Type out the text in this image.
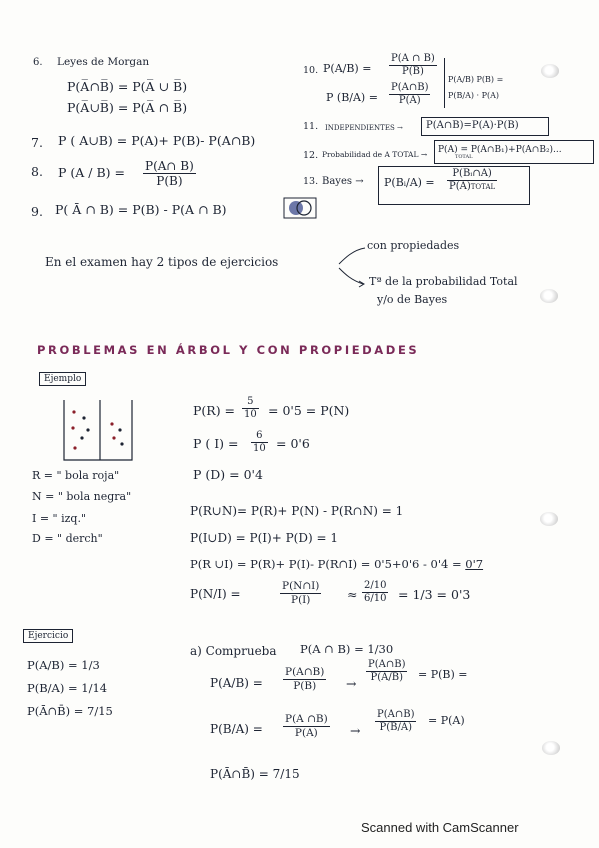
6. Leyes de Morgan
P(A̅∩B̅) = P(A̅ ∪ B̅)
P(A̅∪B̅) = P(A̅ ∩ B̅)
7. P ( A∪B) = P(A)+ P(B)- P(A∩B)
8. P $(A / B) = \frac{P(A\cap B)}{P(B)}$
9. P( Ā ∩ B) = P(B) - P(A ∩ B)
10. $P(A/B) = \frac{P(A \cap B)}{P(B)}$
P $(B/A) = \frac{P(A\cap B)}{P(A)}$
P(A/B) P(B) =
P(B/A) · P(A)
11. INDEPENDIENTES → P(A∩B)=P(A)·P(B)
12. Probabilidad de A TOTAL → P(A) = P(A∩B₁)+P(A∩B₂)...
TOTAL
13. Bayes → P(Bᵢ/A) =
P(Bᵢ∩A)
P(A)TOTAL
En el examen hay 2 tipos de ejercicios
con propiedades
Tª de la probabilidad Total
y/o de Bayes
PROBLEMAS EN ÁRBOL Y CON PROPIEDADES
Ejemplo
R = " bola roja"
N = " bola negra"
I = " izq."
D = " derch"
$P(R) = \frac{5}{10} = 0'5 = P(N)$
P ( $I) = \frac{6}{10} = 0'6$
P (D) = 0'4
P(R∪N)= P(R)+ P(N) - P(R∩N) = 1
P(I∪D) = P(I)+ P(D) = 1
P(R ∪I) = P(R)+ P(I)- P(R∩I) = 0'5+0'6 - 0'4 = 0'7
P(N/I) =	$\frac{P(N\cap I)}{P(I)} \approx \frac{2/10}{6/10} = 1/3 = 0'3$
Ejercicio
P(A/B) = 1/3
P(B/A) = 1/14
P(Ā∩B̄) = 7/15
a) Comprueba P(A ∩ B) = 1/30
$P(A/B) = \frac{P(A\cap B)}{P(B)} \to \frac{P(A\cap B)}{P(A/B)} = P(B)$ =
$P(B/A) = \frac{P(A \cap B)}{P(A)} \to \frac{P(A\cap B)}{P(B/A)} = P(A)$
P(Ā∩B̄) = 7/15
Scanned with CamScanner
